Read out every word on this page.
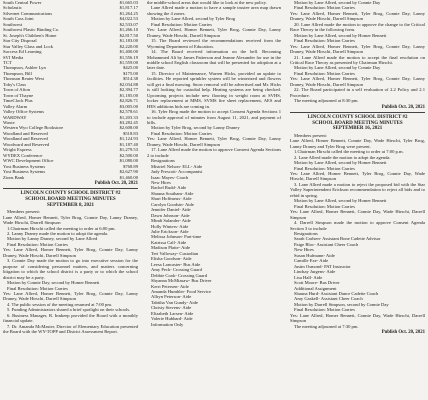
South Central Power	$1,665.03
Scholastic	$1,817.17
Silvernet Communications	$1,264.25
South Cass Joint	$4,022.53
Southwest	$2,533.07
Southwest Plastic Binding Co.	$1,266.10
St. Joseph's Children's Home	$2,817.50
Star City Disposal	$1,183.00
Star Valley Glass and Lock	$2,220.00
Success Ed Learning	$1,400.00
SVI Media	$1,556.19
TCT	$1,559.00
Thompson, Ashlee Lyn	$425.00
Thompson, Bill	$175.00
Thomson Reuter West	$514.38
Toby's Class	$2,034.88
Town of Afton	$2,394.77
Town of Thayne	$1,185.00
TimeClock Plus	$2,826.71
Valley Alarm	$3,005.00
Valley Office Systems	$2,578.61
WARDWAY	$1,203.33
Waxie	$3,282.45
Western Wyo College Bookstore	$2,608.00
Woodland and Reserved	$518.83
Woodland and Reserved	$1,124.93
Woodward and Reserved	$1,187.40
Wright Express	$1,279.53
WYDEX Conference	$2,500.00
WWC Development Office	$1,080.00
Yost Business Systems	$768.89
Yost Business Systems	$2,627.90
Zions Bank	$1,460.00
Publish Oct. 20, 2021
LINCOLN COUNTY SCHOOL DISTRICT #2
SCHOOL BOARD MEETING MINUTES
SEPTEMBER 8, 2021
Members present:
Lane Allred, Homer Bennett, Tyler Brog, Connie Day, Lanny Draney, Wade Hirschi, Darrell Simpson
1.Chairman Hirschi called the meeting to order at 6:00 pm.
2. Lanny Draney made the motion to adopt the agenda.
Motion by Lanny Draney, second by Lane Allred
Final Resolution: Motion Carries
Yes: Lane Allred, Homer Bennett, Tyler Brog, Connie Day, Lanny Draney, Wade Hirschi, Darrell Simpson
3. Connie Day made the motion to go into executive session for the purpose of considering personnel matters, and matters concerning litigation to which the school district is a party or to which the school district may be a party.
Motion by Connie Day, second by Homer Bennett
Final Resolution: Motion Carries
Yes: Lane Allred, Homer Bennett, Tyler Brog, Connie Day, Lanny Draney, Wade Hirschi, Darrell Simpson
4. The public session of the meeting resumed at 7:00 pm.
5. Funding Administrators shared a brief spotlight on their schools.
6. Business Manager, R. Innkeep provided the Board with a monthly financial update.
7. Dr. Amanda McMaster, Director of Elementary Education presented the Board with the WY-TOPP and District Assessment Report.
the middle-school areas that would like to look at the new policy.
Lane Allred made a motion to have a sample trustee area map drawn showing the 4 zones.
Motion by Lane Allred, second by Tyler Brog
Final Resolution: Motion Carries
Yes: Lane Allred, Homer Bennett, Tyler Brog, Connie Day, Lanny Draney, Wade Hirschi, Darrell Simpson
15. The Board reviewed the recommendations received from the Wyoming Department of Education.
14. The Board received information on the bell. Becoming Mohammed Ali by James Patterson and Jeanne Alexander for use in the middle school English classroom that will be presented for adoption at a later date.
15. Director of Maintenance, Warren Hicks, provided an update to facilities. He reported sprinkler system will be winterized and flowers will get a final mowing. Snow removal will be advertised and Mr. Hicks is still looking for custodial help. Heating systems are being checked. Upcoming projects include new flooring in weight room at SVHS, locker replacement at MMS, SVMS fire sheet replacement, AES and HES additions bids are coming in.
16. Tyler Brog made the motion to accept Consent Agenda Sections 1 to include approval of minutes from August 11, 2021, and payment of bills.
Motion by Tyler Brog, second by Lanny Draney
Final Resolution: Motion Carries
Yes: Lane Allred, Homer Bennett, Tyler Brog, Connie Day, Lanny Draney, Wade Hirschi, Darrell Simpson
17. Lane Allred made the motion to approve Consent Agenda Sections 2 to include
Resignations
Mistriel Nelson- ELL- Aide
Judy Prescott- Accompanist
Isaac Mayes- Coach
New Hires
Rachel Rudd- Aide
Shauna Southam- Aide
Shari Hoffmeus- Aide
Carolyn Goodsin- Aide
Jennifer Daniel- Aide
Dawn Johnson- Aide
Mindi Salander- Aide
Holly Winters- Aide
Julie Erickson- Aide
Melissa Johnson- Part-time
Katrissa Call- Aide
Madison Platte- Aide
Teri Valloway- Custodian
Elisha Goodson- Aide
Leesa Lancaster- Bus Aide
Amy Peck- Crossing Guard
Debbie Cook- Crossing Guard
Shyanna McMiasaw- Bus Driver
Kerri Petersen- Aide
Amanda Humbler- Food Service
Allryn Peterson- Aide
Tabitha Van Gundy- Aide
Christy Stevens- Aide
Elizabeth Larsen- Aide
Valerie Hubbard- Aide
Information Only
Motion by Lane Allred, second by Connie Day
Final Resolution: Motion Carries
Yes: Lane Allred, Homer Bennett, Tyler Brog, Connie Day, Lanny Draney, Wade Hirschi, Darrell Simpson
20. Lane Allred made the motion to approve the change to the Critical Race Theory in the following form.
Motion by Lane Allred, second by Homer Bennett
Final Resolution: Motion Carries
Yes: Lane Allred, Homer Bennett, Tyler Brog, Connie Day, Lanny Draney, Wade Hirschi, Darrell Simpson
21. Lane Allred made the motion to accept the final resolution on Critical Race Theory as presented by Chairman Hirschi.
Motion by Lane Allred, second by Connie Day
Final Resolution: Motion Carries
Yes: Lane Allred, Homer Bennett, Tyler Brog, Connie Day, Lanny Draney, Wade Hirschi, Darrell Simpson
22. The Board participated in a self evaluation of 2.2 Policy and 2.1 Procedure.
The meeting adjourned at 8:30 pm.
Publish Oct. 20, 2021
LINCOLN COUNTY SCHOOL DISTRICT #2
SCHOOL BOARD MEETING MINUTES
SEPTEMBER 16, 2021
Members present:
Lane Allred, Homer Bennett, Connie Day, Wade Hirschi, Tyler Brog, Lanny Draney and Tyler Brog were present.
1.Chairman Hirschi called the meeting to order at 7:00 p.m.
2. Lane Allred made the motion to adopt the agenda.
Motion by Lane Allred, second by Homer Bennett
Final Resolution: Motion Carries
Yes: Lane Allred, Homer Bennett, Tyler Brog, Connie Day, Wade Hirschi, Darrell Simpson
3. Lane Allred made a motion to reject the proposed bid with the Star Valley Superintendent Erickson recommendation to reject all bids and to rebid in spring.
Motion by Lane Allred, second by Homer Bennett
Final Resolution: Motion Carries
Yes: Lane Allred, Homer Bennett, Connie Day, Wade Hirschi, Darrell Simpson
4. Darrell Simpson made the motion to approve Consent Agenda Section 3 to include
Resignations
Sarah Carlsen- Assistant Bone Cadette Advisor
Paige Bloc- Assistant Cheer Coach
New Hires
Susan Hufmann- Aide
Camille Exe- Aide
Justin Osmond- PAT Instructor
Lindsay Jurgens- Aide
Lisa Hall- Aide
Scott Moore- Bus Driver
Additional Assignment
Shauna Hurd- Assistant Dance Cadette Coach
Amy Gaskell- Assistant Cheer Coach
Motion by Darrell Simpson, second by Connie Day
Final Resolution: Motion Carries
Yes: Lane Allred, Homer Bennett, Connie Day, Wade Hirschi, Darrell Simpson
The meeting adjourned at 7:30 pm.
Publish Oct. 20, 2021
